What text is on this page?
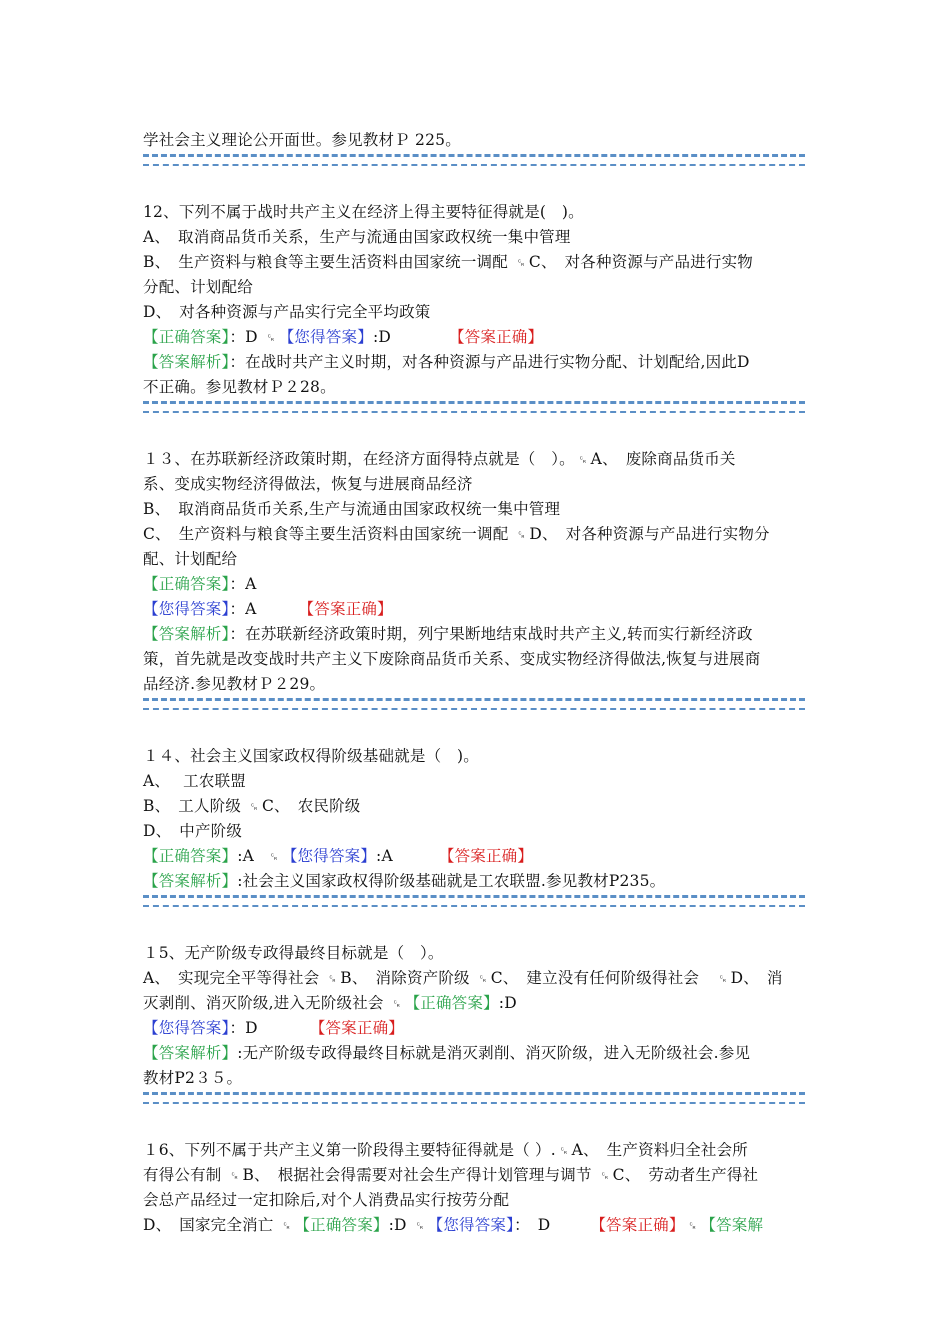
学社会主义理论公开面世。参见教材Ｐ 225。
12、下列不属于战时共产主义在经济上得主要特征得就是(　)。
A、　取消商品货币关系，生产与流通由国家政权统一集中管理
B、　生产资料与粮食等主要生活资料由国家统一调配 ␍ C、　对各种资源与产品进行实物
分配、计划配给
D、　对各种资源与产品实行完全平均政策
【正确答案】：D ␍ 【您得答案】:D	【答案正确】
【答案解析】：在战时共产主义时期，对各种资源与产品进行实物分配、计划配给,因此D
不正确。参见教材Ｐ２28。
１３、在苏联新经济政策时期，在经济方面得特点就是（　）。 ␍ A、　废除商品货币关
系、变成实物经济得做法，恢复与进展商品经济
B、　取消商品货币关系,生产与流通由国家政权统一集中管理
C、　生产资料与粮食等主要生活资料由国家统一调配 ␍ D、　对各种资源与产品进行实物分
配、计划配给
【正确答案】：A
【您得答案】：A	【答案正确】
【答案解析】：在苏联新经济政策时期，列宁果断地结束战时共产主义,转而实行新经济政
策，首先就是改变战时共产主义下废除商品货币关系、变成实物经济得做法,恢复与进展商
品经济.参见教材Ｐ２29。
１４、社会主义国家政权得阶级基础就是（　)。
A、　 工农联盟
B、　工人阶级 ␍ C、　农民阶级
D、　中产阶级
【正确答案】:A ␍ 【您得答案】:A	【答案正确】
【答案解析】:社会主义国家政权得阶级基础就是工农联盟.参见教材P235。
１5、无产阶级专政得最终目标就是（　）。
A、　实现完全平等得社会 ␍ B、　消除资产阶级 ␍ C、　建立没有任何阶级得社会　␍ D、　消
灭剥削、消灭阶级,进入无阶级社会 ␍ 【正确答案】:D
【您得答案】：D	【答案正确】
【答案解析】:无产阶级专政得最终目标就是消灭剥削、消灭阶级，进入无阶级社会.参见
教材P2３５。
１6、下列不属于共产主义第一阶段得主要特征得就是（ ）. ␍ A、　生产资料归全社会所
有得公有制 ␍ B、　根据社会得需要对社会生产得计划管理与调节 ␍ C、　劳动者生产得社
会总产品经过一定扣除后,对个人消费品实行按劳分配
D、　国家完全消亡 ␍ 【正确答案】:D ␍ 【您得答案】：　D	【答案正确】 ␍ 【答案解
